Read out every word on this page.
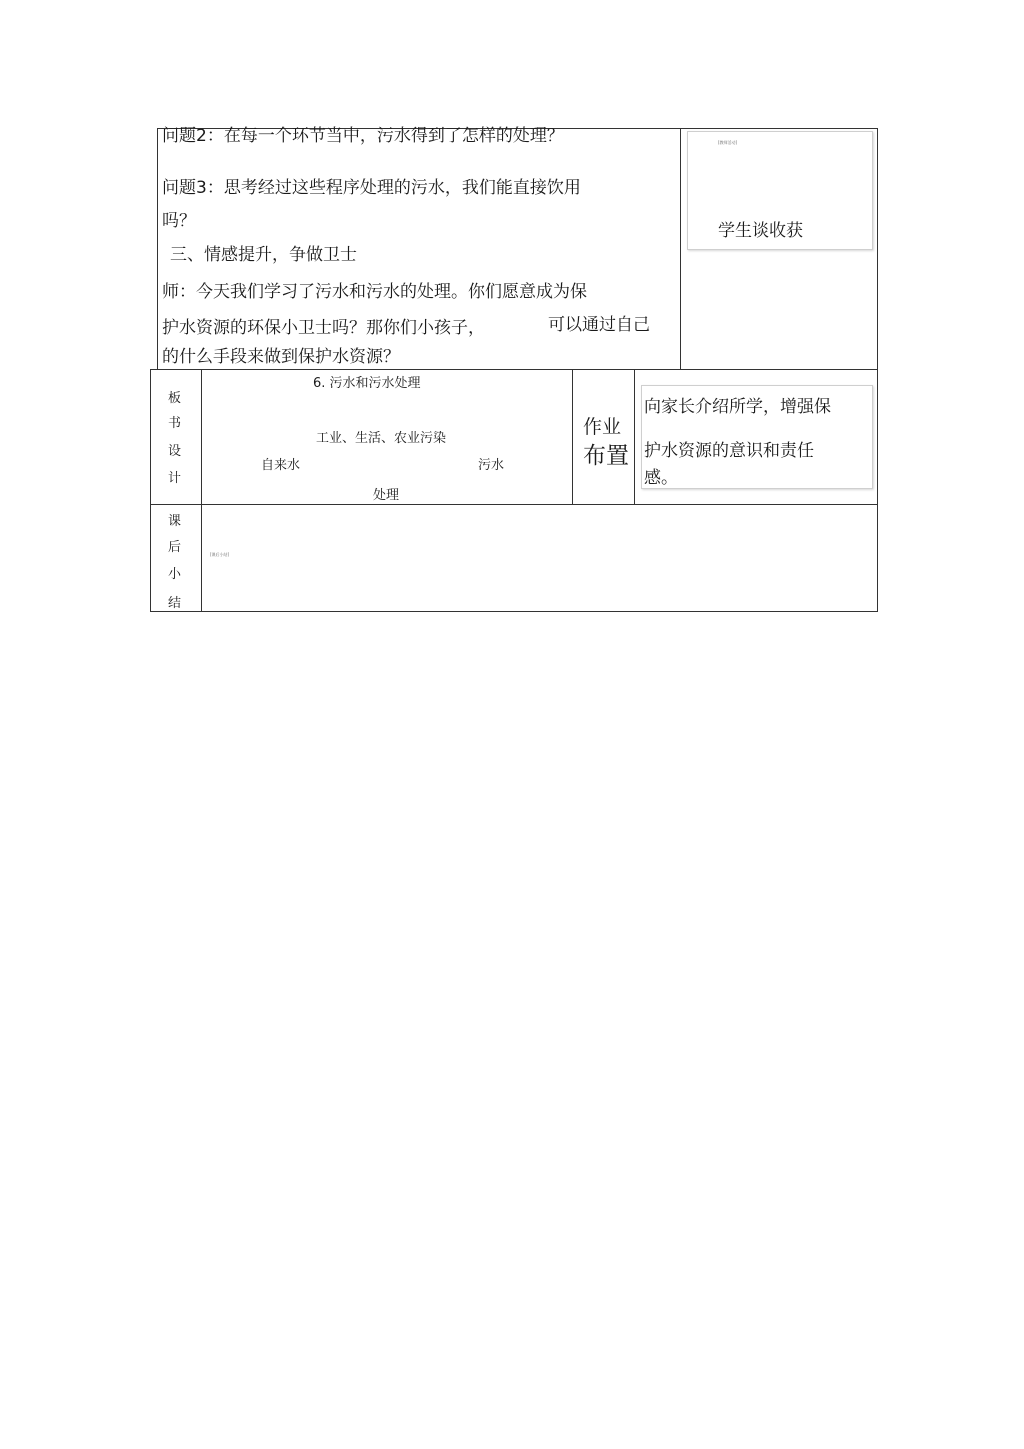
问题2：在每一个环节当中，污水得到了怎样的处理？
问题3：思考经过这些程序处理的污水，我们能直接饮用
吗？
三、情感提升，争做卫士
师：今天我们学习了污水和污水的处理。你们愿意成为保
护水资源的环保小卫士吗？那你们小孩子，	可以通过自己
的什么手段来做到保护水资源？
[教师活动]
学生谈收获
板
书
设
计
6. 污水和污水处理
工业、生活、农业污染
自来水	污水
处理
作业
布置
向家长介绍所学，增强保
护水资源的意识和责任
感。
课
后
小
结
[课后小结]
